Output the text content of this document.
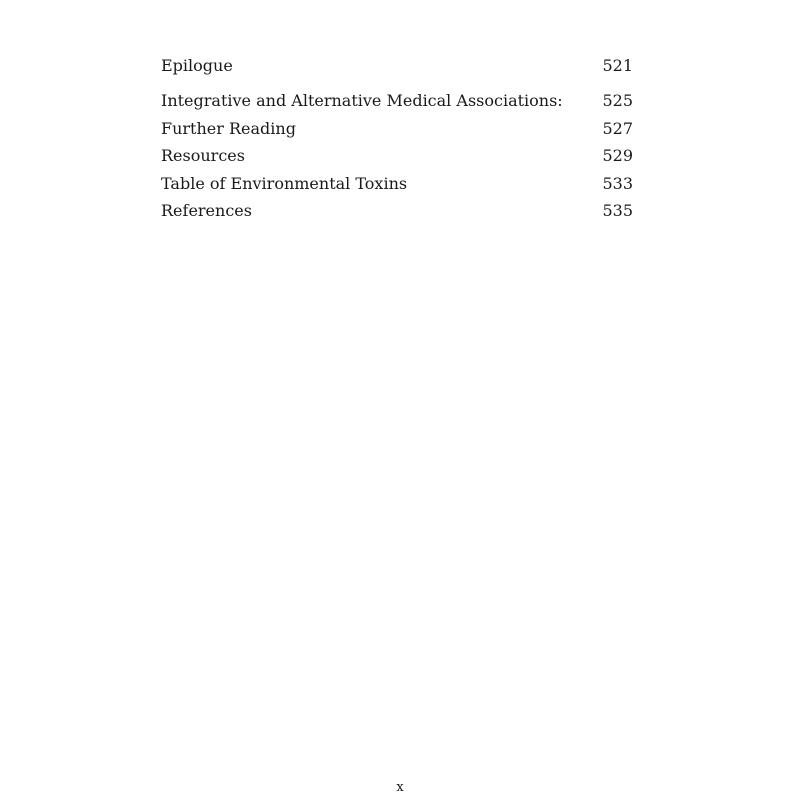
Epilogue	521
Integrative and Alternative Medical Associations: 525
Further Reading	527
Resources	529
Table of Environmental Toxins	533
References	535
x
